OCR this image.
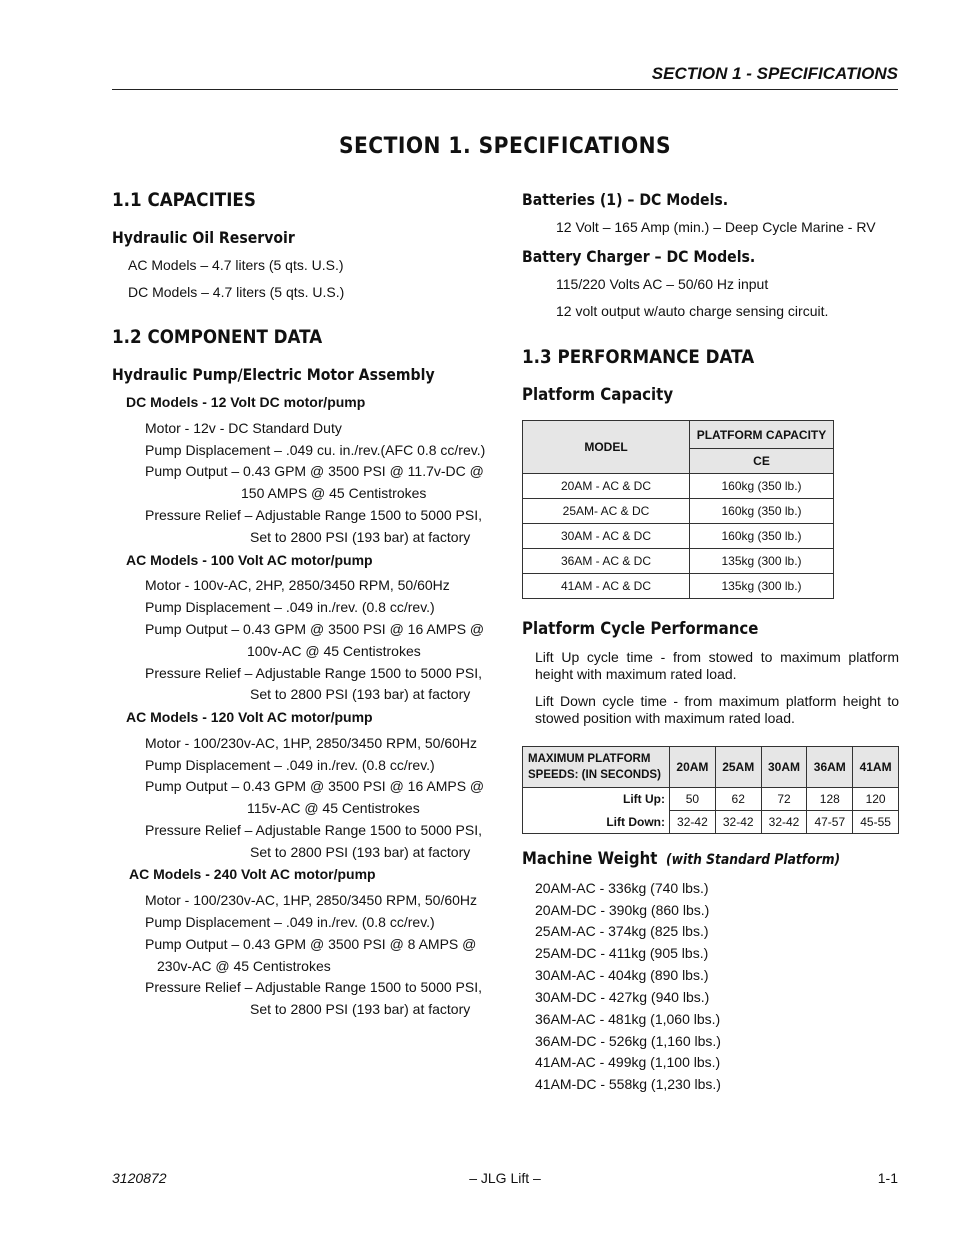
SECTION 1 - SPECIFICATIONS
SECTION 1. SPECIFICATIONS
1.1 CAPACITIES
Hydraulic Oil Reservoir
AC Models – 4.7 liters (5 qts. U.S.)
DC Models – 4.7 liters (5 qts. U.S.)
1.2 COMPONENT DATA
Hydraulic Pump/Electric Motor Assembly
DC Models - 12 Volt DC motor/pump
Motor - 12v - DC Standard Duty
Pump Displacement – .049 cu. in./rev.(AFC 0.8 cc/rev.)
Pump Output – 0.43 GPM @ 3500 PSI @ 11.7v-DC @
150 AMPS @ 45 Centistrokes
Pressure Relief – Adjustable Range 1500 to 5000 PSI,
Set to 2800 PSI (193 bar) at factory
AC Models - 100 Volt AC motor/pump
Motor - 100v-AC, 2HP, 2850/3450 RPM, 50/60Hz
Pump Displacement – .049 in./rev. (0.8 cc/rev.)
Pump Output – 0.43 GPM @ 3500 PSI @ 16 AMPS @
100v-AC @ 45 Centistrokes
Pressure Relief – Adjustable Range 1500 to 5000 PSI,
Set to 2800 PSI (193 bar) at factory
AC Models - 120 Volt AC motor/pump
Motor - 100/230v-AC, 1HP, 2850/3450 RPM, 50/60Hz
Pump Displacement – .049 in./rev. (0.8 cc/rev.)
Pump Output – 0.43 GPM @ 3500 PSI @ 16 AMPS @
115v-AC @ 45 Centistrokes
Pressure Relief – Adjustable Range 1500 to 5000 PSI,
Set to 2800 PSI (193 bar) at factory
AC Models - 240 Volt AC motor/pump
Motor - 100/230v-AC, 1HP, 2850/3450 RPM, 50/60Hz
Pump Displacement – .049 in./rev. (0.8 cc/rev.)
Pump Output – 0.43 GPM @ 3500 PSI @ 8 AMPS @
230v-AC @ 45 Centistrokes
Pressure Relief – Adjustable Range 1500 to 5000 PSI,
Set to 2800 PSI (193 bar) at factory
Batteries (1) – DC Models.
12 Volt – 165 Amp (min.) – Deep Cycle Marine - RV
Battery Charger – DC Models.
115/220 Volts AC – 50/60 Hz input
12 volt output w/auto charge sensing circuit.
1.3 PERFORMANCE DATA
Platform Capacity
MODEL	PLATFORM CAPACITY
	CE
20AM - AC & DC	160kg (350 lb.)
25AM- AC & DC	160kg (350 lb.)
30AM - AC & DC	160kg (350 lb.)
36AM - AC & DC	135kg (300 lb.)
41AM - AC & DC	135kg (300 lb.)
Platform Cycle Performance
Lift Up cycle time - from stowed to maximum platform height with maximum rated load.
Lift Down cycle time - from maximum platform height to stowed position with maximum rated load.
MAXIMUM PLATFORM
SPEEDS: (IN SECONDS)	20AM	25AM	30AM	36AM	41AM
Lift Up:	50	62	72	128	120
Lift Down:	32-42	32-42	32-42	47-57	45-55
Machine Weight (with Standard Platform)
20AM-AC - 336kg (740 lbs.)
20AM-DC - 390kg (860 lbs.)
25AM-AC - 374kg (825 lbs.)
25AM-DC - 411kg (905 lbs.)
30AM-AC - 404kg (890 lbs.)
30AM-DC - 427kg (940 lbs.)
36AM-AC - 481kg (1,060 lbs.)
36AM-DC - 526kg (1,160 lbs.)
41AM-AC - 499kg (1,100 lbs.)
41AM-DC - 558kg (1,230 lbs.)
3120872	– JLG Lift –	1-1
